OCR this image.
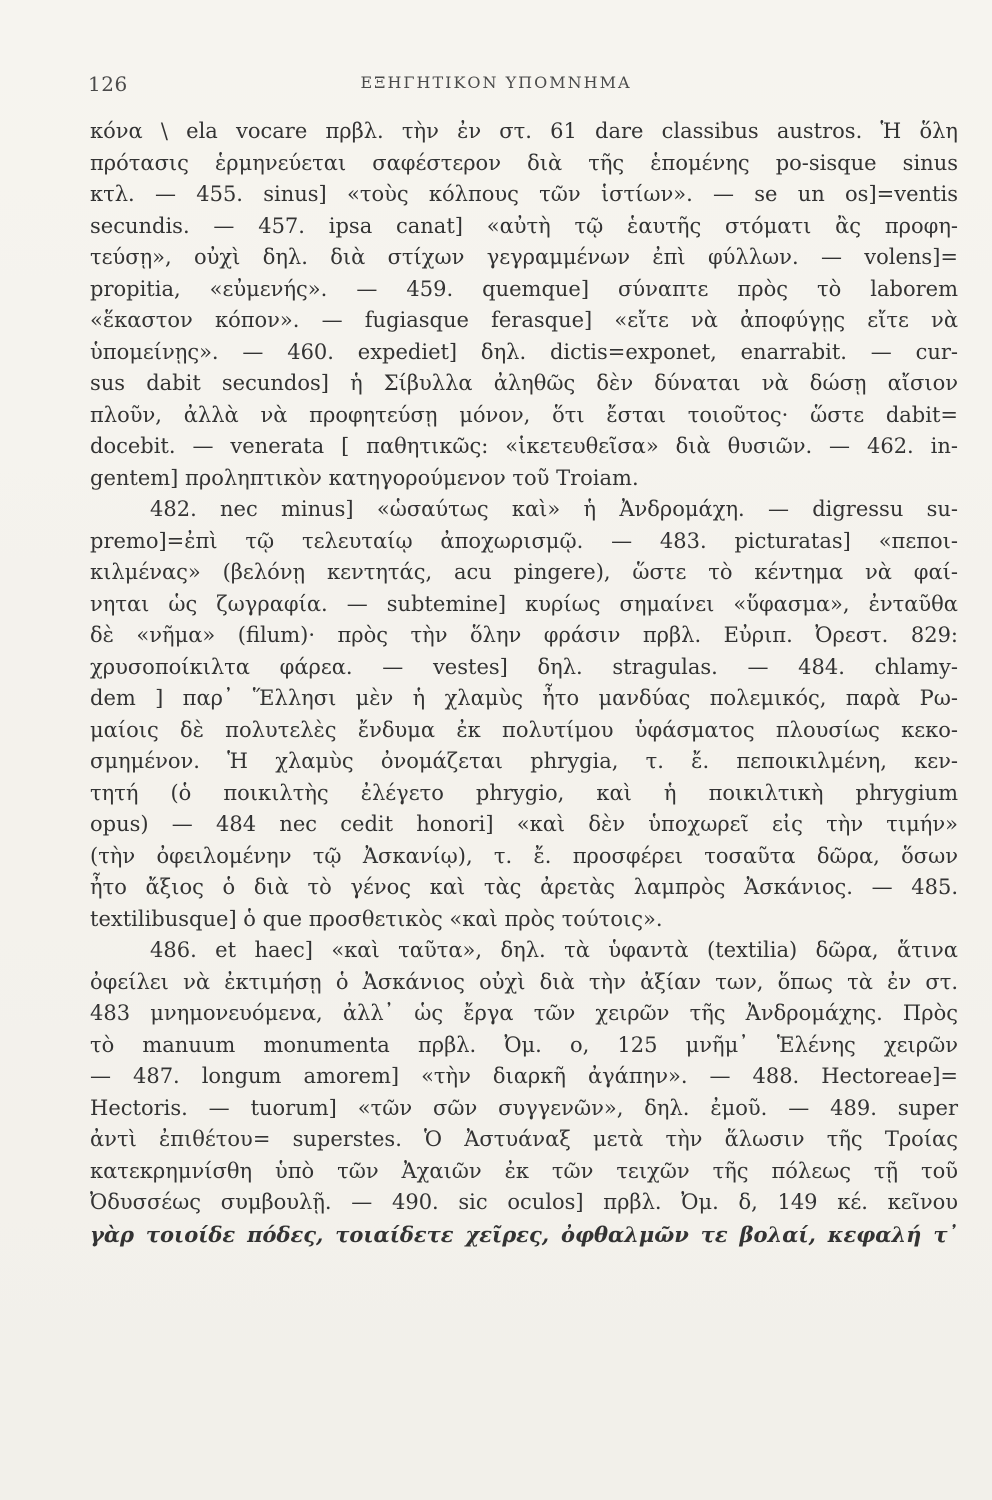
126	ΕΞΗΓΗΤΙΚΟΝ ΥΠΟΜΝΗΜΑ
κόνα \ ela vocare πρβλ. τὴν ἐν στ. 61 dare classibus austros. Ἡ ὅλη
πρότασις ἑρμηνεύεται σαφέστερον διὰ τῆς ἑπομένης po-sisque sinus
κτλ. — 455. sinus] «τοὺς κόλπους τῶν ἱστίων». — se un os]=ventis
secundis. — 457. ipsa canat] «αὐτὴ τῷ ἑαυτῆς στόματι ἂς προφη-
τεύσῃ», οὐχὶ δηλ. διὰ στίχων γεγραμμένων ἐπὶ φύλλων. — volens]=
propitia, «εὐμενής». — 459. quemque] σύναπτε πρὸς τὸ laborem
«ἕκαστον κόπον». — fugiasque ferasque] «εἴτε νὰ ἀποφύγῃς εἴτε νὰ
ὑπομείνῃς». — 460. expediet] δηλ. dictis=exponet, enarrabit. — cur-
sus dabit secundos] ἡ Σίβυλλα ἀληθῶς δὲν δύναται νὰ δώσῃ αἴσιον
πλοῦν, ἀλλὰ νὰ προφητεύσῃ μόνον, ὅτι ἔσται τοιοῦτος· ὥστε dabit=
docebit. — venerata [ παθητικῶς: «ἱκετευθεῖσα» διὰ θυσιῶν. — 462. in-
gentem] προληπτικὸν κατηγορούμενον τοῦ Troiam.
482. nec minus] «ὡσαύτως καὶ» ἡ Ἀνδρομάχη. — digressu su-
premo]=ἐπὶ τῷ τελευταίῳ ἀποχωρισμῷ. — 483. picturatas] «πεποι-
κιλμένας» (βελόνῃ κεντητάς, acu pingere), ὥστε τὸ κέντημα νὰ φαί-
νηται ὡς ζωγραφία. — subtemine] κυρίως σημαίνει «ὕφασμα», ἐνταῦθα
δὲ «νῆμα» (filum)· πρὸς τὴν ὅλην φράσιν πρβλ. Εὐριπ. Ὀρεστ. 829:
χρυσοποίκιλτα φάρεα. — vestes] δηλ. stragulas. — 484. chlamy-
dem ] παρ᾽ Ἕλλησι μὲν ἡ χλαμὺς ἦτο μανδύας πολεμικός, παρὰ Ρω-
μαίοις δὲ πολυτελὲς ἔνδυμα ἐκ πολυτίμου ὑφάσματος πλουσίως κεκο-
σμημένον. Ἡ χλαμὺς ὀνομάζεται phrygia, τ. ἔ. πεποικιλμένη, κεν-
τητή (ὁ ποικιλτὴς ἐλέγετο phrygio, καὶ ἡ ποικιλτικὴ phrygium
opus) — 484 nec cedit honori] «καὶ δὲν ὑποχωρεῖ εἰς τὴν τιμήν»
(τὴν ὀφειλομένην τῷ Ἀσκανίῳ), τ. ἔ. προσφέρει τοσαῦτα δῶρα, ὅσων
ἦτο ἄξιος ὁ διὰ τὸ γένος καὶ τὰς ἀρετὰς λαμπρὸς Ἀσκάνιος. — 485.
textilibusque] ὁ que προσθετικὸς «καὶ πρὸς τούτοις».
486. et haec] «καὶ ταῦτα», δηλ. τὰ ὑφαντὰ (textilia) δῶρα, ἅτινα
ὀφείλει νὰ ἐκτιμήσῃ ὁ Ἀσκάνιος οὐχὶ διὰ τὴν ἀξίαν των, ὅπως τὰ ἐν στ.
483 μνημονευόμενα, ἀλλ᾽ ὡς ἔργα τῶν χειρῶν τῆς Ἀνδρομάχης. Πρὸς
τὸ manuum monumenta πρβλ. Ὀμ. ο, 125 μνῆμ᾽ Ἑλένης χειρῶν
— 487. longum amorem] «τὴν διαρκῆ ἀγάπην». — 488. Hectoreae]=
Hectoris. — tuorum] «τῶν σῶν συγγενῶν», δηλ. ἐμοῦ. — 489. super
ἀντὶ ἐπιθέτου= superstes. Ὁ Ἀστυάναξ μετὰ τὴν ἅλωσιν τῆς Τροίας
κατεκρημνίσθη ὑπὸ τῶν Ἀχαιῶν ἐκ τῶν τειχῶν τῆς πόλεως τῇ τοῦ
Ὀδυσσέως συμβουλῇ. — 490. sic oculos] πρβλ. Ὀμ. δ, 149 κέ. κεῖνου
γὰρ τοιοίδε πόδες, τοιαίδετε χεῖρες, ὀφθαλμῶν τε βολαί, κεφαλή τ᾽
